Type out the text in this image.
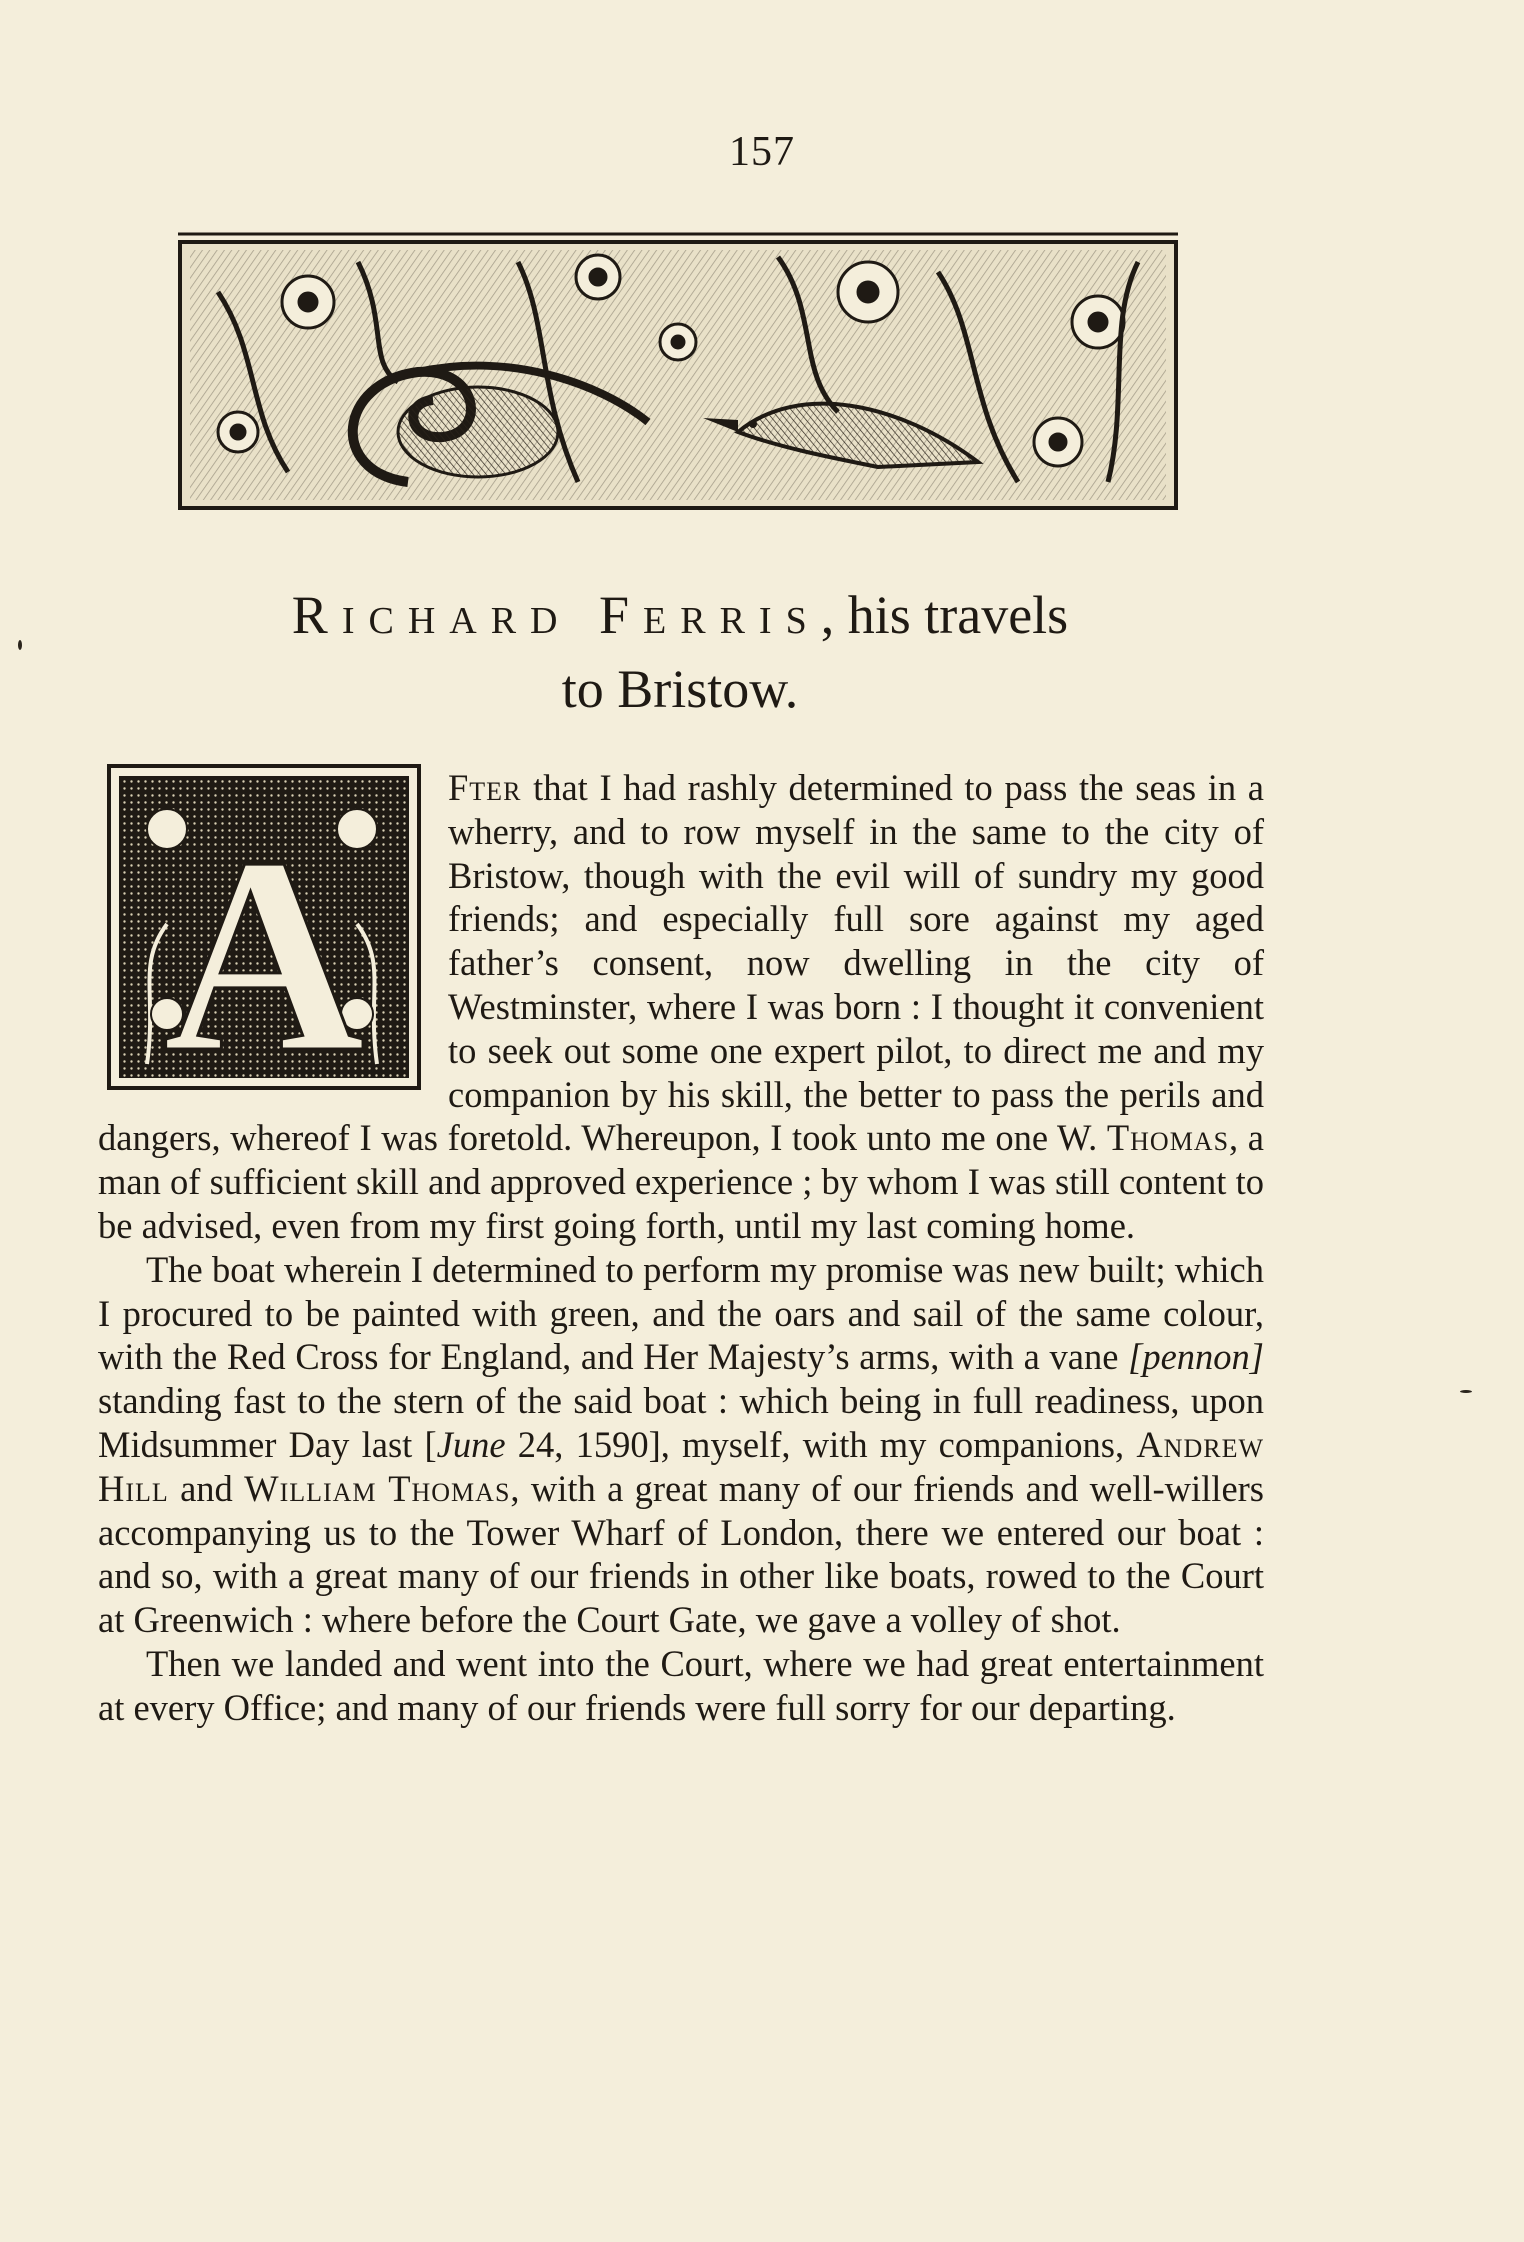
157
Richard Ferris, his travels
to Bristow.
A

Fter that I had rashly determined to pass the seas in a wherry, and to row myself in the same to the city of Bristow, though with the evil will of sundry my good friends; and especially full sore against my aged father’s consent, now dwelling in the city of Westminster, where I was born : I thought it convenient to seek out some one expert pilot, to direct me and my companion by his skill, the better to pass the perils and dangers, whereof I was foretold. Whereupon, I took unto me one W. Thomas, a man of sufficient skill and approved experience ; by whom I was still content to be advised, even from my first going forth, until my last coming home.

The boat wherein I determined to perform my promise was new built; which I procured to be painted with green, and the oars and sail of the same colour, with the Red Cross for England, and Her Majesty’s arms, with a vane [pennon] standing fast to the stern of the said boat : which being in full readiness, upon Midsummer Day last [June 24, 1590], myself, with my companions, Andrew Hill and William Thomas, with a great many of our friends and well-willers accompanying us to the Tower Wharf of London, there we entered our boat : and so, with a great many of our friends in other like boats, rowed to the Court at Greenwich : where before the Court Gate, we gave a volley of shot.

Then we landed and went into the Court, where we had great entertainment at every Office; and many of our friends were full sorry for our departing.
